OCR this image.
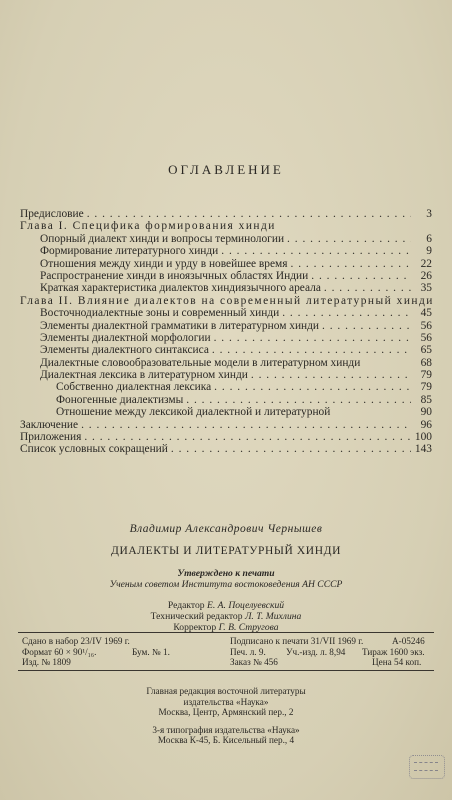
ОГЛАВЛЕНИЕ
Предисловие . . .	3
Глава I. Специфика формирования хинди
Опорный диалект хинди и вопросы терминологии . . .	6
Формирование литературного хинди . . .	9
Отношения между хинди и урду в новейшее время . . .	22
Распространение хинди в иноязычных областях Индии . . .	26
Краткая характеристика диалектов хиндиязычного ареала . . .	35
Глава II. Влияние диалектов на современный литературный хинди
Восточнодиалектные зоны и современный хинди . . .	45
Элементы диалектной грамматики в литературном хинди . . .	56
Элементы диалектной морфологии . . .	56
Элементы диалектного синтаксиса . . .	65
Диалектные словообразовательные модели в литературном хинди	68
Диалектная лексика в литературном хинди . . .	79
Собственно диалектная лексика . . .	79
Фоногенные диалектизмы . . .	85
Отношение между лексикой диалектной и литературной	90
Заключение . . .	96
Приложения . . .	100
Список условных сокращений . . .	143
Владимир Александрович Чернышев
ДИАЛЕКТЫ И ЛИТЕРАТУРНЫЙ ХИНДИ
Утверждено к печати
Ученым советом Института востоковедения АН СССР
Редактор Е. А. Поцелуевский
Технический редактор Л. Т. Михлина
Корректор Г. В. Стругова
Сдано в набор 23/IV 1969 г.	Подписано к печати 31/VII 1969 г.	А-05246
Формат 60 × 90¹/₁₆.	Бум. № 1.	Печ. л. 9. Уч.-изд. л. 8,94 Тираж 1600 экз.
Изд. № 1809	Заказ № 456	Цена 54 коп.
Главная редакция восточной литературы
издательства «Наука»
Москва, Центр, Армянский пер., 2
3-я типография издательства «Наука»
Москва К-45, Б. Кисельный пер., 4
